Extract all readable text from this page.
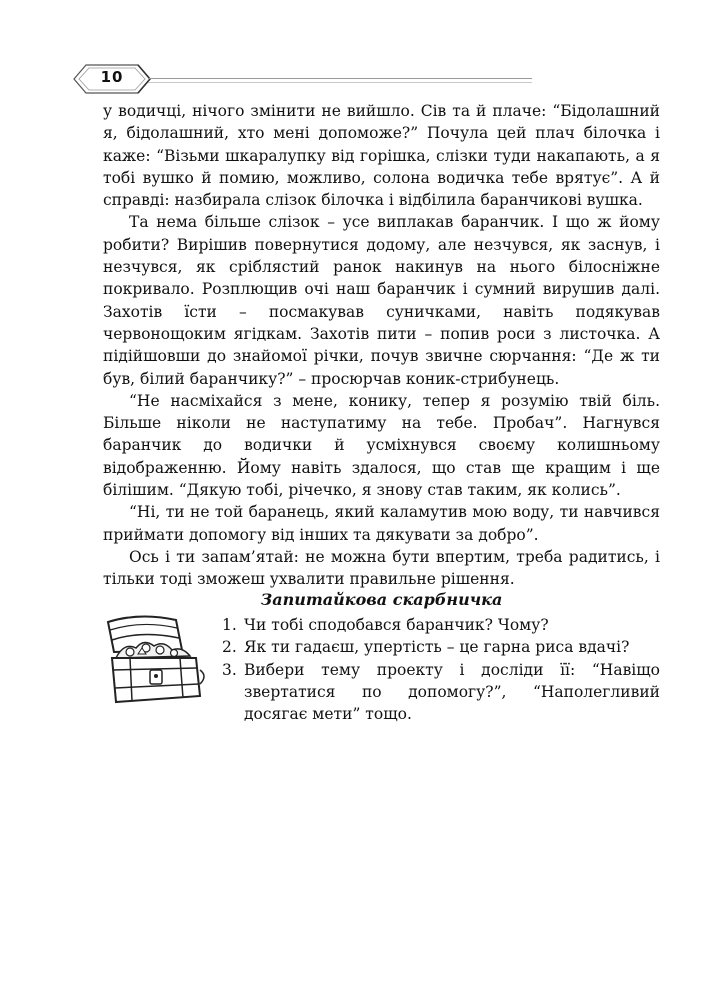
10

у водичці, нічого змінити не вийшло. Сів та й плаче: “Бідолашний я, бідолашний, хто мені допоможе?” Почула цей плач білочка і каже: “Візьми шкаралупку від горішка, слізки туди накапають, а я тобі вушко й помию, можливо, солона водичка тебе врятує”. А й справді: назбирала слізок білочка і відбілила баранчикові вушка.

Та нема більше слізок – усе виплакав баранчик. І що ж йому робити? Вирішив повернутися додому, але незчувся, як заснув, і незчувся, як сріблястий ранок накинув на нього білосніжне покривало. Розплющив очі наш баранчик і сумний вирушив далі. Захотів їсти – посмакував суничками, навіть подякував червонощоким ягідкам. Захотів пити – попив роси з листочка. А підійшовши до знайомої річки, почув звичне сюрчання: “Де ж ти був, білий баранчику?” – просюрчав коник-стрибунець.

“Не насміхайся з мене, конику, тепер я розумію твій біль. Більше ніколи не наступатиму на тебе. Пробач”. Нагнувся баранчик до водички й усміхнувся своєму колишньому відображенню. Йому навіть здалося, що став ще кращим і ще білішим. “Дякую тобі, річечко, я знову став таким, як колись”.

“Ні, ти не той баранець, який каламутив мою воду, ти навчився приймати допомогу від інших та дякувати за добро”.

Ось і ти запам’ятай: не можна бути впертим, треба радитись, і тільки тоді зможеш ухвалити правильне рішення.

Запитайкова скарбничка
1. Чи тобі сподобався баранчик? Чому?
2. Як ти гадаєш, упертість – це гарна риса вдачі?
3. Вибери тему проекту і досліди її: “Навіщо звертатися по допомогу?”, “Наполегливий досягає мети” тощо.
